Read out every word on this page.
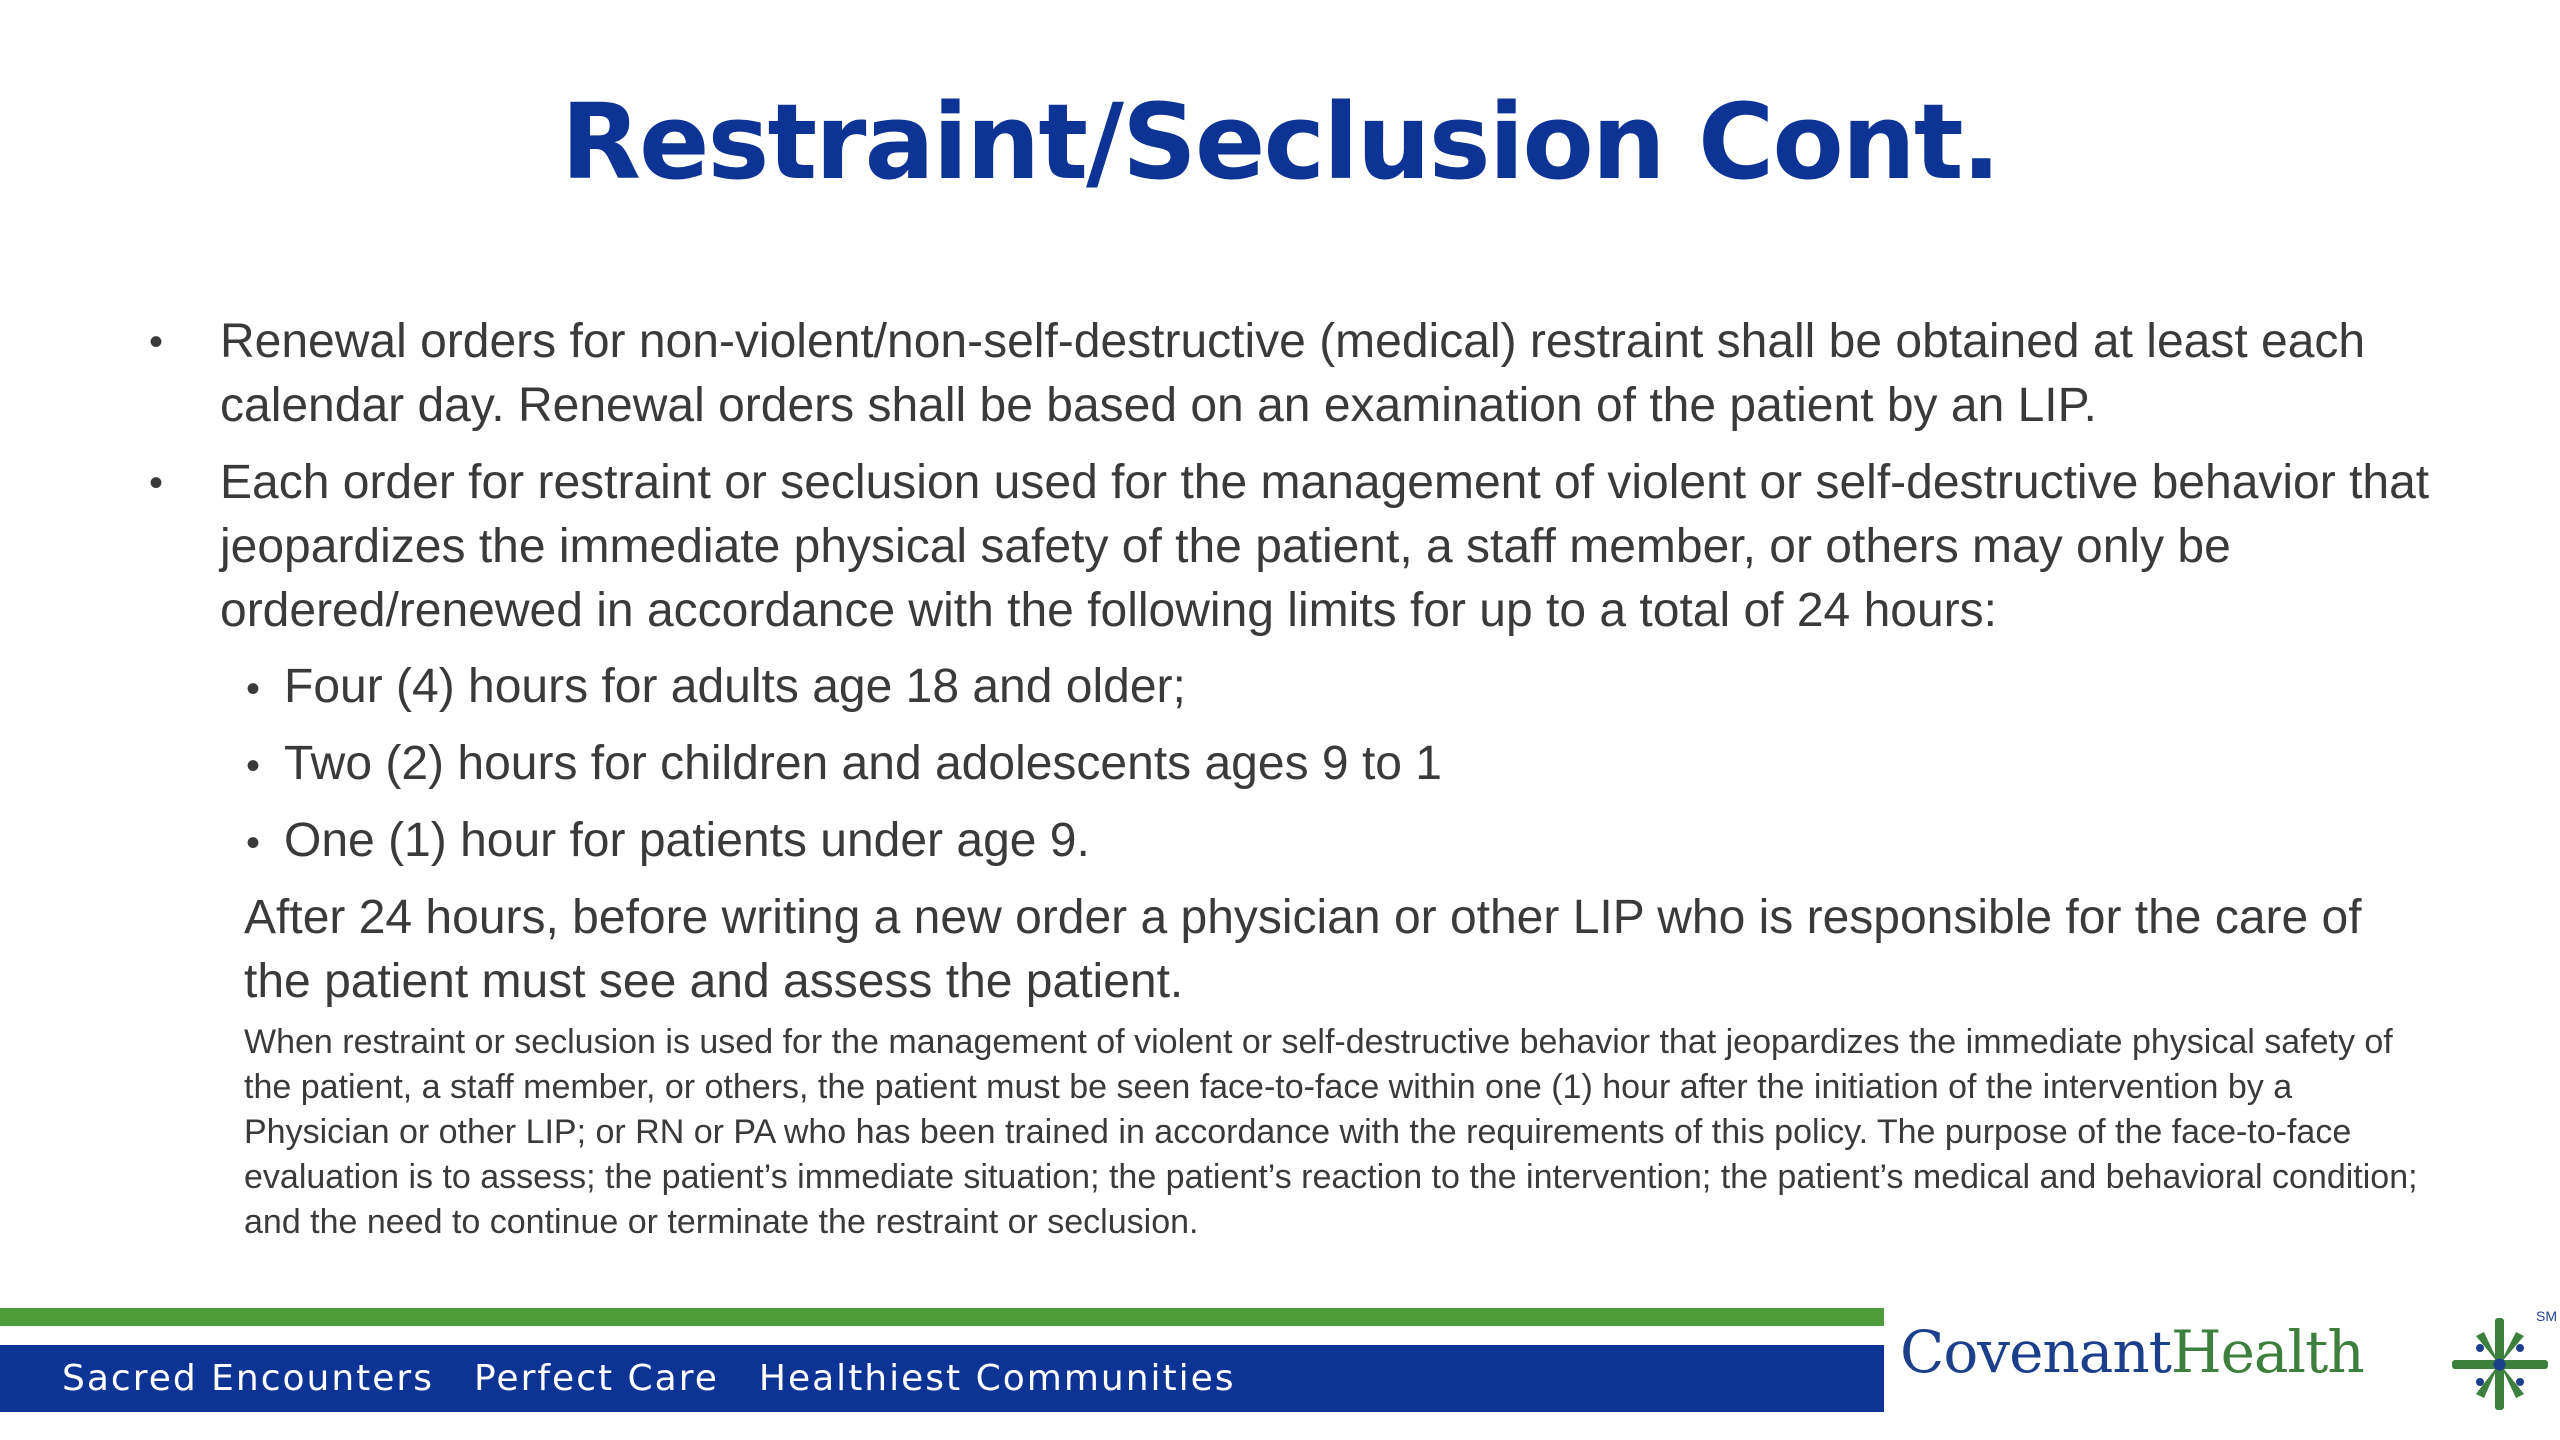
Restraint/Seclusion Cont.
• Renewal orders for non-violent/non-self-destructive (medical) restraint shall be obtained at least each calendar day. Renewal orders shall be based on an examination of the patient by an LIP.

• Each order for restraint or seclusion used for the management of violent or self-destructive behavior that jeopardizes the immediate physical safety of the patient, a staff member, or others may only be ordered/renewed in accordance with the following limits for up to a total of 24 hours:

• Four (4) hours for adults age 18 and older;

• Two (2) hours for children and adolescents ages 9 to 1

• One (1) hour for patients under age 9.

After 24 hours, before writing a new order a physician or other LIP who is responsible for the care of the patient must see and assess the patient.

When restraint or seclusion is used for the management of violent or self-destructive behavior that jeopardizes the immediate physical safety of the patient, a staff member, or others, the patient must be seen face-to-face within one (1) hour after the initiation of the intervention by a Physician or other LIP; or RN or PA who has been trained in accordance with the requirements of this policy. The purpose of the face-to-face evaluation is to assess; the patient’s immediate situation; the patient’s reaction to the intervention; the patient’s medical and behavioral condition; and the need to continue or terminate the restraint or seclusion.

Sacred Encounters Perfect Care Healthiest Communities	CovenantHealth
SM
